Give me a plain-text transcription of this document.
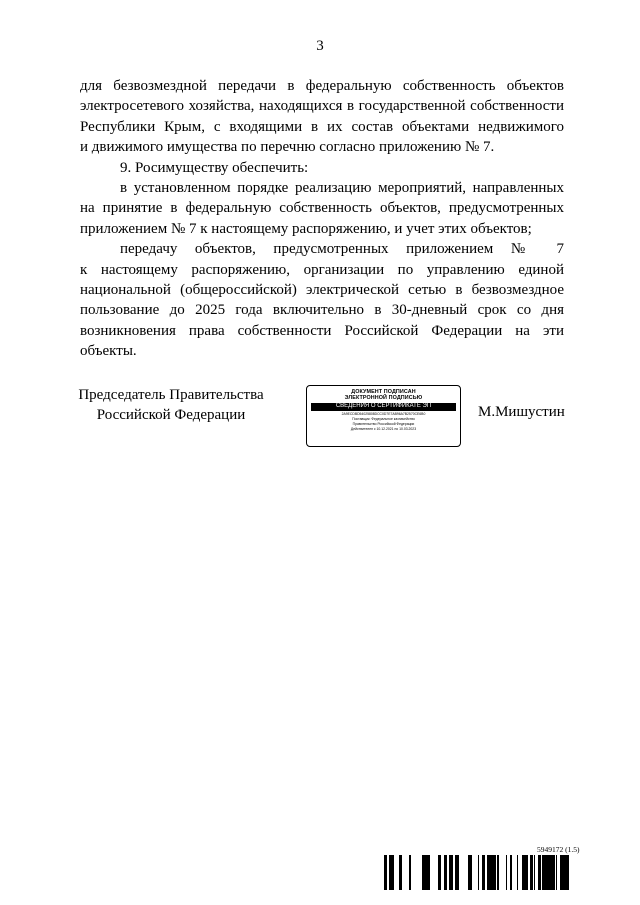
3
для безвозмездной передачи в федеральную собственность объектов
электросетевого хозяйства, находящихся в государственной собственности
Республики Крым, с входящими в их состав объектами недвижимого
и движимого имущества по перечню согласно приложению № 7.
9. Росимуществу обеспечить:
в установленном порядке реализацию мероприятий, направленных
на принятие в федеральную собственность объектов, предусмотренных
приложением № 7 к настоящему распоряжению, и учет этих объектов;
передачу объектов, предусмотренных приложением № 7
к настоящему распоряжению, организации по управлению единой
национальной (общероссийской) электрической сетью в безвозмездное
пользование до 2025 года включительно в 30-дневный срок со дня
возникновения права собственности Российской Федерации на эти
объекты.
Председатель Правительства
Российской Федерации
ДОКУМЕНТ ПОДПИСАН
ЭЛЕКТРОННОЙ ПОДПИСЬЮ
СВЕДЕНИЯ О СЕРТИФИКАТЕ ЭП
2A9ECDBD54025808DCC0D7E7AB96A7B2570CE6B0
Поставщик: Федеральное казначейство
Правительство Российской Федерации
Действителен с 10.12.2021 по 10.03.2023
М.Мишустин
5949172 (1.5)
